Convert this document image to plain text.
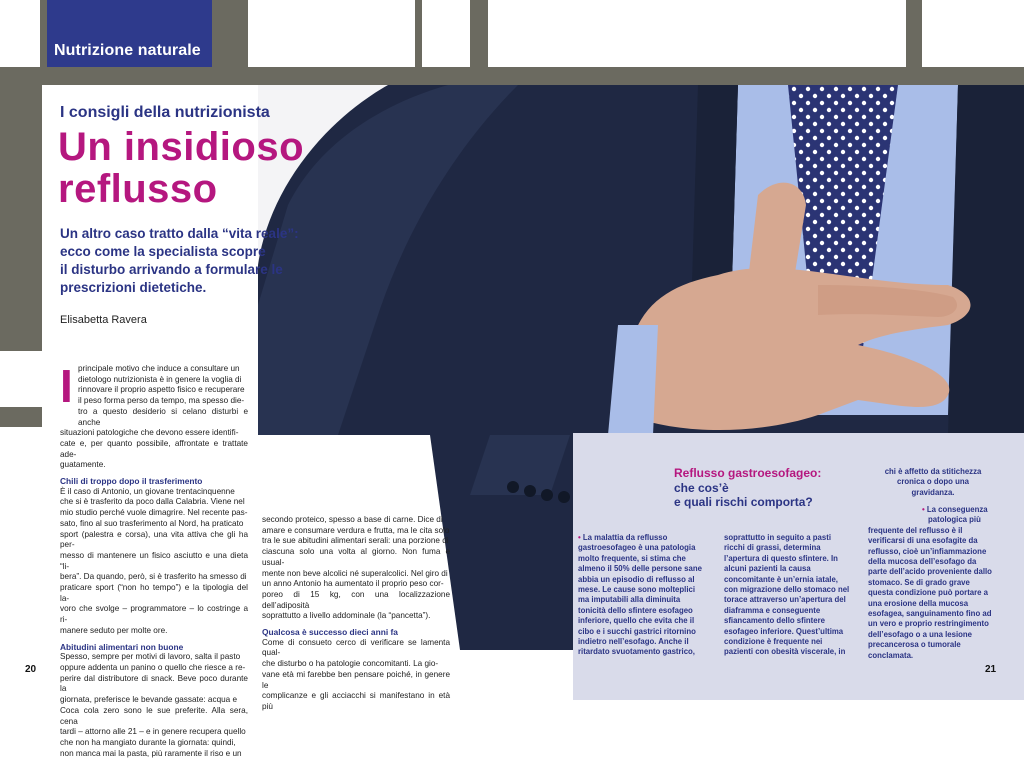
Nutrizione naturale
I consigli della nutrizionista
Un insidioso
reflusso
Un altro caso tratto dalla “vita reale”:
ecco come la specialista scopre
il disturbo arrivando a formulare le
prescrizioni dietetiche.
Elisabetta Ravera
I principale motivo che induce a consultare un

dietologo nutrizionista è in genere la voglia di

rinnovare il proprio aspetto fisico e recuperare

il peso forma perso da tempo, ma spesso die-

tro a questo desiderio si celano disturbi e anche

situazioni patologiche che devono essere identifi-

cate e, per quanto possibile, affrontate e trattate ade-

guatamente.

Chili di troppo dopo il trasferimento

È il caso di Antonio, un giovane trentacinquenne

che si è trasferito da poco dalla Calabria. Viene nel

mio studio perché vuole dimagrire. Nel recente pas-

sato, fino al suo trasferimento al Nord, ha praticato

sport (palestra e corsa), una vita attiva che gli ha per-

messo di mantenere un fisico asciutto e una dieta “li-

bera”. Da quando, però, si è trasferito ha smesso di

praticare sport (“non ho tempo”) e la tipologia del la-

voro che svolge – programmatore – lo costringe a ri-

manere seduto per molte ore.

Abitudini alimentari non buone

Spesso, sempre per motivi di lavoro, salta il pasto

oppure addenta un panino o quello che riesce a re-

perire dal distributore di snack. Beve poco durante la

giornata, preferisce le bevande gassate: acqua e

Coca cola zero sono le sue preferite. Alla sera, cena

tardi – attorno alle 21 – e in genere recupera quello

che non ha mangiato durante la giornata: quindi,

non manca mai la pasta, più raramente il riso e un

secondo proteico, spesso a base di carne. Dice di

amare e consumare verdura e frutta, ma le cita solo

tra le sue abitudini alimentari serali: una porzione di

ciascuna solo una volta al giorno. Non fuma e usual-

mente non beve alcolici né superalcolici. Nel giro di

un anno Antonio ha aumentato il proprio peso cor-

poreo di 15 kg, con una localizzazione dell’adiposità

soprattutto a livello addominale (la “pancetta”).

Qualcosa è successo dieci anni fa

Come di consueto cerco di verificare se lamenta qual-

che disturbo o ha patologie concomitanti. La gio-

vane età mi farebbe ben pensare poiché, in genere le

complicanze e gli acciacchi si manifestano in età più

Reflusso gastroesofageo:
che cos’è
e quali rischi comporta?

• La malattia da reflusso

gastroesofageo è una patologia

molto frequente, si stima che

almeno il 50% delle persone sane

abbia un episodio di reflusso al

mese. Le cause sono molteplici

ma imputabili alla diminuita

tonicità dello sfintere esofageo

inferiore, quello che evita che il

cibo e i succhi gastrici ritornino

indietro nell’esofago. Anche il

ritardato svuotamento gastrico,

soprattutto in seguito a pasti

ricchi di grassi, determina

l’apertura di questo sfintere. In

alcuni pazienti la causa

concomitante è un’ernia iatale,

con migrazione dello stomaco nel

torace attraverso un’apertura del

diaframma e conseguente

sfiancamento dello sfintere

esofageo inferiore. Quest’ultima

condizione è frequente nei

pazienti con obesità viscerale, in

chi è affetto da stitichezza

cronica o dopo una

gravidanza.

• La conseguenza

patologica più

frequente del reflusso è il

verificarsi di una esofagite da

reflusso, cioè un’infiammazione

della mucosa dell’esofago da

parte dell’acido proveniente dallo

stomaco. Se di grado grave

questa condizione può portare a

una erosione della mucosa

esofagea, sanguinamento fino ad

un vero e proprio restringimento

dell’esofago o a una lesione

precancerosa o tumorale

conclamata.

20	21
